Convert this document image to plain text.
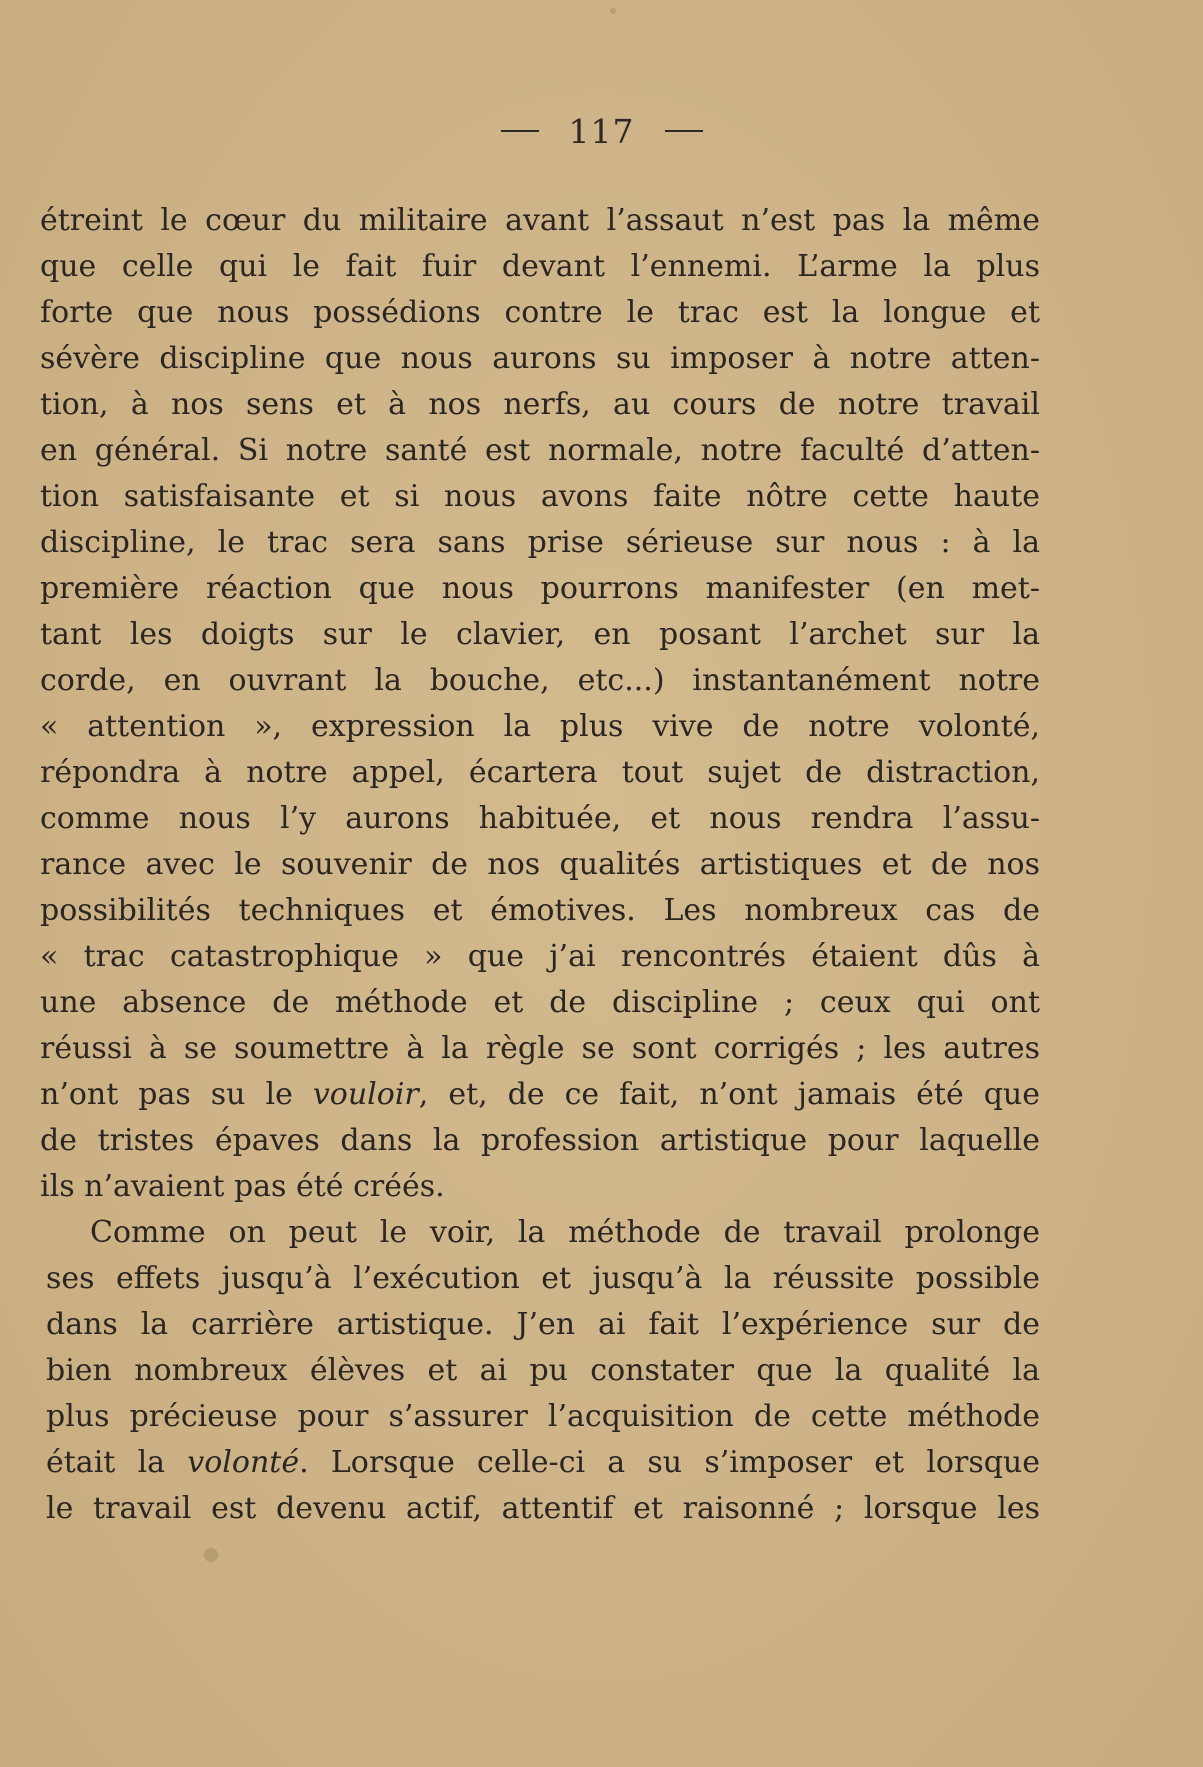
117
étreint le cœur du militaire avant l’assaut n’est pas la même
que celle qui le fait fuir devant l’ennemi. L’arme la plus
forte que nous possédions contre le trac est la longue et
sévère discipline que nous aurons su imposer à notre atten-
tion, à nos sens et à nos nerfs, au cours de notre travail
en général. Si notre santé est normale, notre faculté d’atten-
tion satisfaisante et si nous avons faite nôtre cette haute
discipline, le trac sera sans prise sérieuse sur nous : à la
première réaction que nous pourrons manifester (en met-
tant les doigts sur le clavier, en posant l’archet sur la
corde, en ouvrant la bouche, etc...) instantanément notre
« attention », expression la plus vive de notre volonté,
répondra à notre appel, écartera tout sujet de distraction,
comme nous l’y aurons habituée, et nous rendra l’assu-
rance avec le souvenir de nos qualités artistiques et de nos
possibilités techniques et émotives. Les nombreux cas de
« trac catastrophique » que j’ai rencontrés étaient dûs à
une absence de méthode et de discipline ; ceux qui ont
réussi à se soumettre à la règle se sont corrigés ; les autres
n’ont pas su le vouloir, et, de ce fait, n’ont jamais été que
de tristes épaves dans la profession artistique pour laquelle
ils n’avaient pas été créés.
Comme on peut le voir, la méthode de travail prolonge
ses effets jusqu’à l’exécution et jusqu’à la réussite possible
dans la carrière artistique. J’en ai fait l’expérience sur de
bien nombreux élèves et ai pu constater que la qualité la
plus précieuse pour s’assurer l’acquisition de cette méthode
était la volonté. Lorsque celle-ci a su s’imposer et lorsque
le travail est devenu actif, attentif et raisonné ; lorsque les
